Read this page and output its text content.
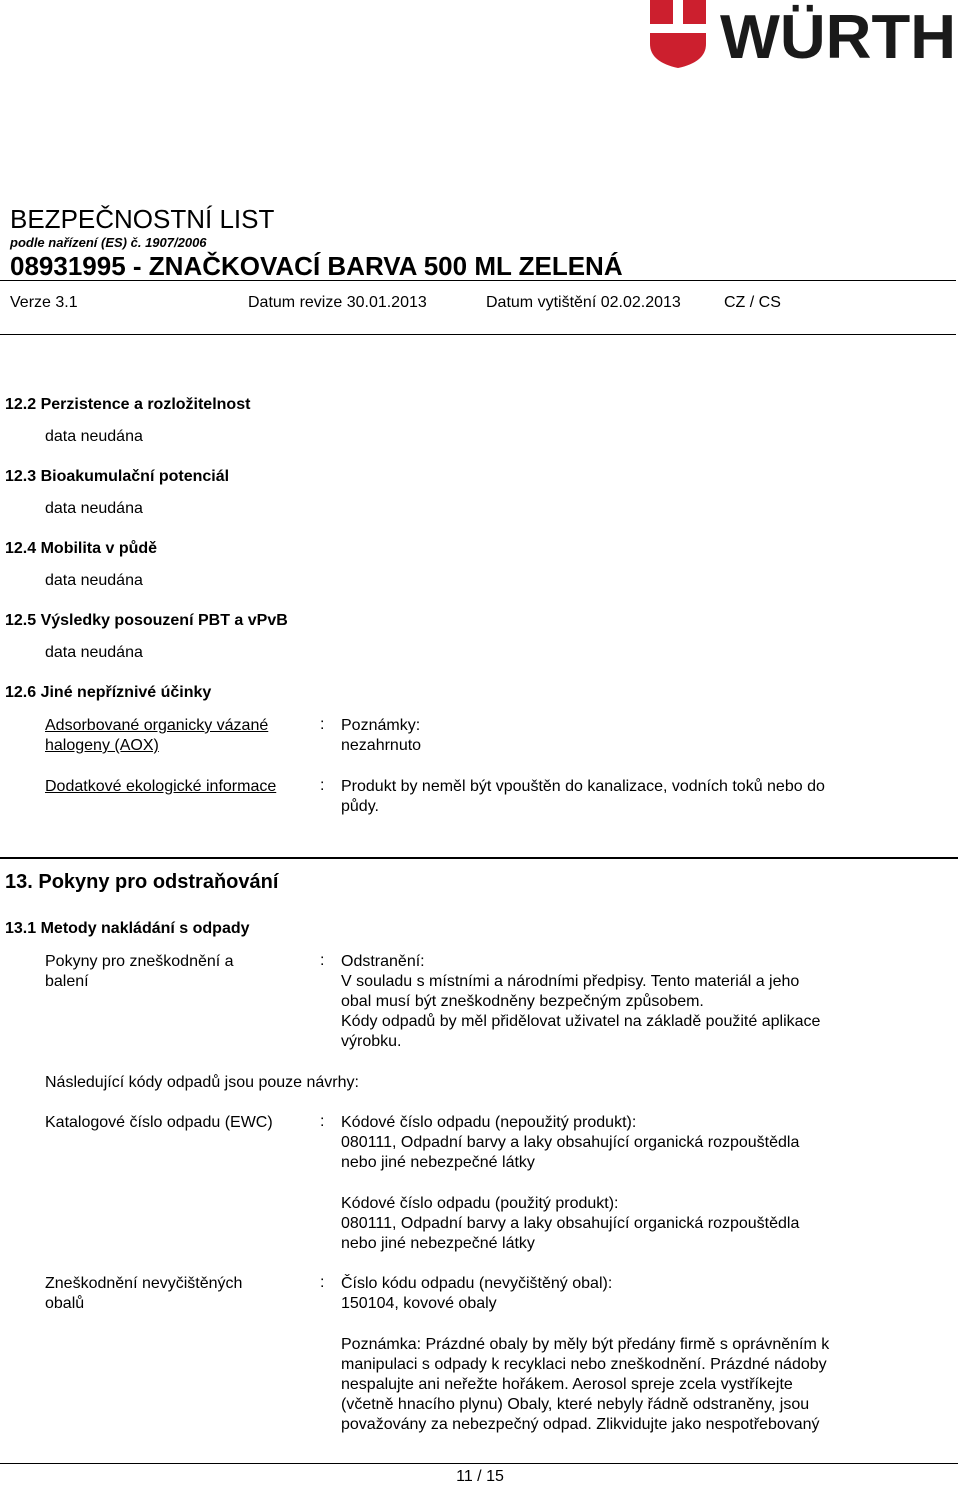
WÜRTH
BEZPEČNOSTNÍ LIST
podle nařízení (ES) č. 1907/2006
08931995 - ZNAČKOVACÍ BARVA 500 ML ZELENÁ
Verze 3.1	Datum revize 30.01.2013	Datum vytištění 02.02.2013	CZ / CS
12.2 Perzistence a rozložitelnost
data neudána
12.3 Bioakumulační potenciál
data neudána
12.4 Mobilita v půdě
data neudána
12.5 Výsledky posouzení PBT a vPvB
data neudána
12.6 Jiné nepříznivé účinky
Adsorbované organicky vázané
halogeny (AOX)
: Poznámky:
nezahrnuto
Dodatkové ekologické informace	: Produkt by neměl být vpouštěn do kanalizace, vodních toků nebo do
půdy.
13. Pokyny pro odstraňování
13.1 Metody nakládání s odpady
Pokyny pro zneškodnění a
balení
: Odstranění:
V souladu s místními a národními předpisy. Tento materiál a jeho
obal musí být zneškodněny bezpečným způsobem.
Kódy odpadů by měl přidělovat uživatel na základě použité aplikace
výrobku.
Následující kódy odpadů jsou pouze návrhy:
Katalogové číslo odpadu (EWC)	: Kódové číslo odpadu (nepoužitý produkt):
080111, Odpadní barvy a laky obsahující organická rozpouštědla
nebo jiné nebezpečné látky
Kódové číslo odpadu (použitý produkt):
080111, Odpadní barvy a laky obsahující organická rozpouštědla
nebo jiné nebezpečné látky
Zneškodnění nevyčištěných
obalů
: Číslo kódu odpadu (nevyčištěný obal):
150104, kovové obaly
Poznámka: Prázdné obaly by měly být předány firmě s oprávněním k
manipulaci s odpady k recyklaci nebo zneškodnění. Prázdné nádoby
nespalujte ani neřežte hořákem. Aerosol spreje zcela vystříkejte
(včetně hnacího plynu) Obaly, které nebyly řádně odstraněny, jsou
považovány za nebezpečný odpad. Zlikvidujte jako nespotřebovaný
11 / 15
